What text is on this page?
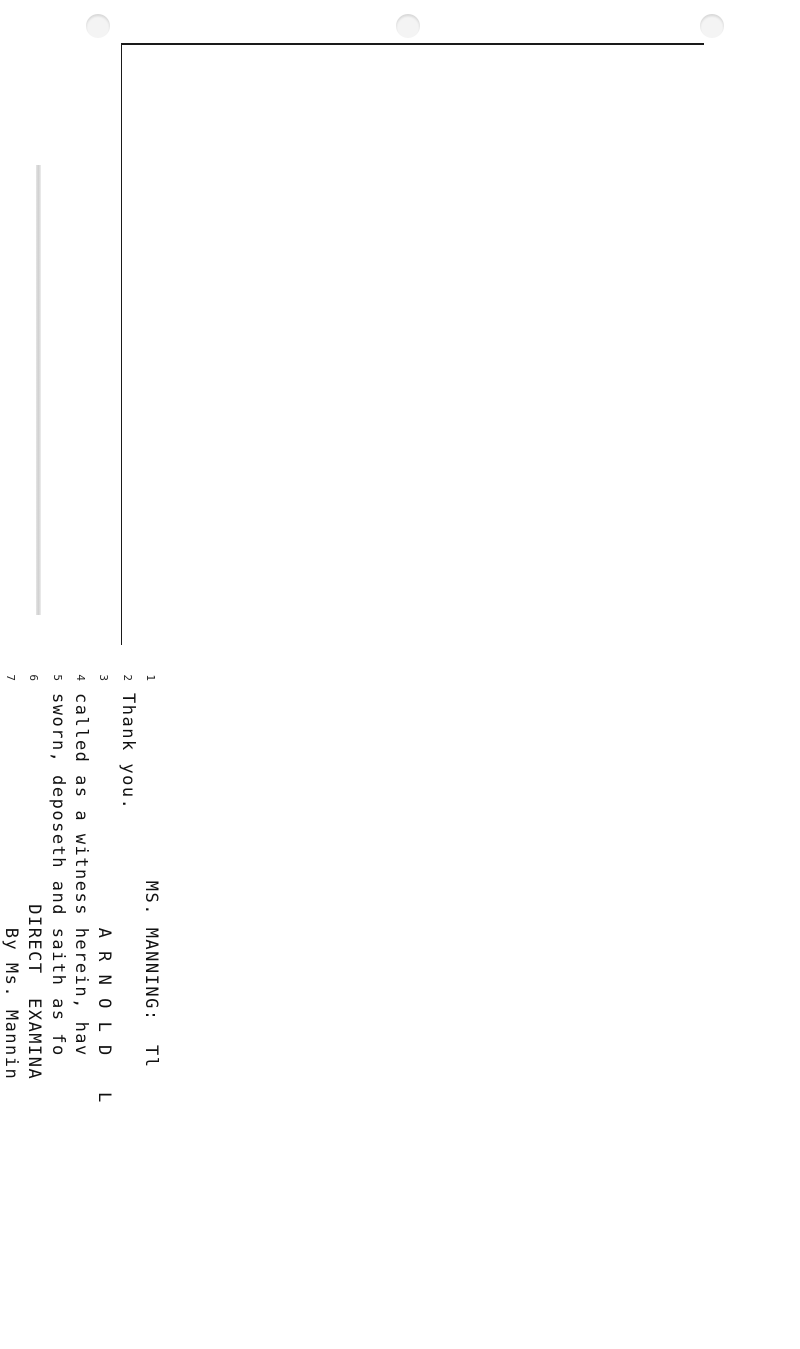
1                MS. MANNING:  Tl
2Thank you.
3                    A R N O L D   L
4called as a witness herein, hav
5sworn, deposeth and saith as fo
6                  DIRECT  EXAMINA
7                    By Ms. Mannin
